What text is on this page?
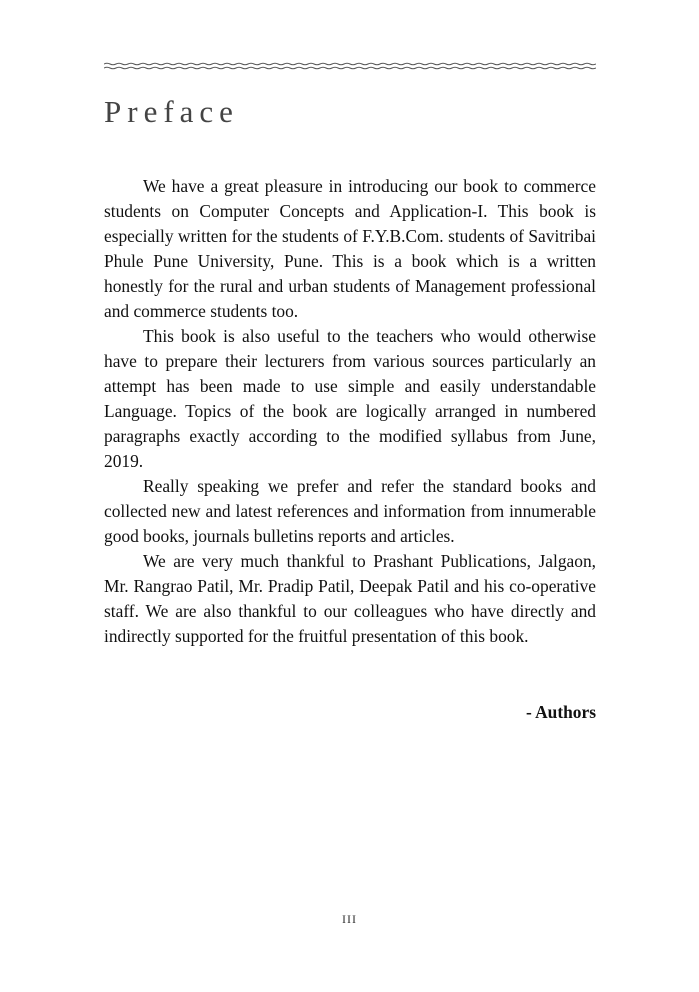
Preface

We have a great pleasure in introducing our book to commerce students on Computer Concepts and Application-I. This book is especially written for the students of F.Y.B.Com. students of Savitribai Phule Pune University, Pune. This is a book which is a written honestly for the rural and urban students of Management professional and commerce students too.

This book is also useful to the teachers who would otherwise have to prepare their lecturers from various sources particularly an attempt has been made to use simple and easily understandable Language. Topics of the book are logically arranged in numbered paragraphs exactly according to the modified syllabus from June, 2019.

Really speaking we prefer and refer the standard books and collected new and latest references and information from innumerable good books, journals bulletins reports and articles.

We are very much thankful to Prashant Publications, Jalgaon, Mr. Rangrao Patil, Mr. Pradip Patil, Deepak Patil and his co-operative staff. We are also thankful to our colleagues who have directly and indirectly supported for the fruitful presentation of this book.

- Authors

III
